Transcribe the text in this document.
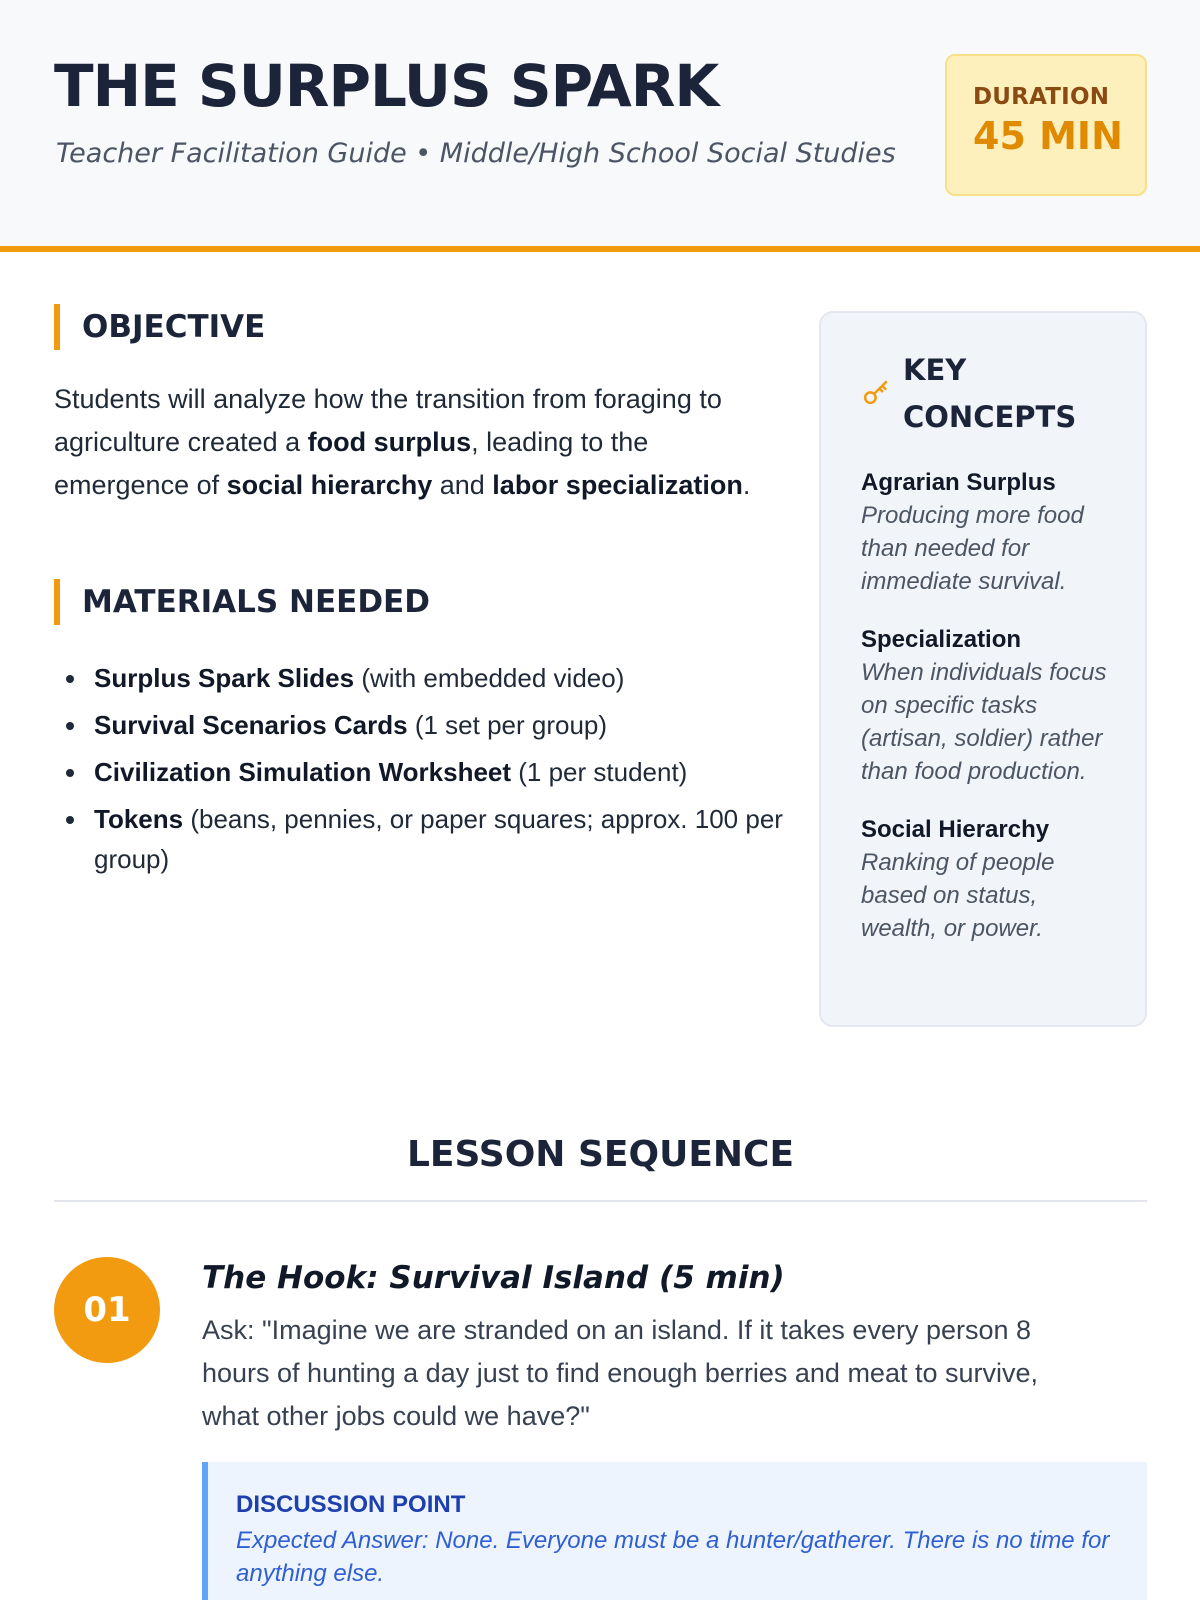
THE SURPLUS SPARK
Teacher Facilitation Guide • Middle/High School Social Studies
DURATION
45 MIN
OBJECTIVE

Students will analyze how the transition from foraging to agriculture created a food surplus, leading to the emergence of social hierarchy and labor specialization.

MATERIALS NEEDED
Surplus Spark Slides (with embedded video)
Survival Scenarios Cards (1 set per group)
Civilization Simulation Worksheet (1 per student)
Tokens (beans, pennies, or paper squares; approx. 100 per group)
KEY CONCEPTS
Agrarian Surplus
Producing more food than needed for immediate survival.
Specialization
When individuals focus on specific tasks (artisan, soldier) rather than food production.
Social Hierarchy
Ranking of people based on status, wealth, or power.
LESSON SEQUENCE
01
The Hook: Survival Island (5 min)

Ask: "Imagine we are stranded on an island. If it takes every person 8 hours of hunting a day just to find enough berries and meat to survive, what other jobs could we have?"

DISCUSSION POINT
Expected Answer: None. Everyone must be a hunter/gatherer. There is no time for anything else.
